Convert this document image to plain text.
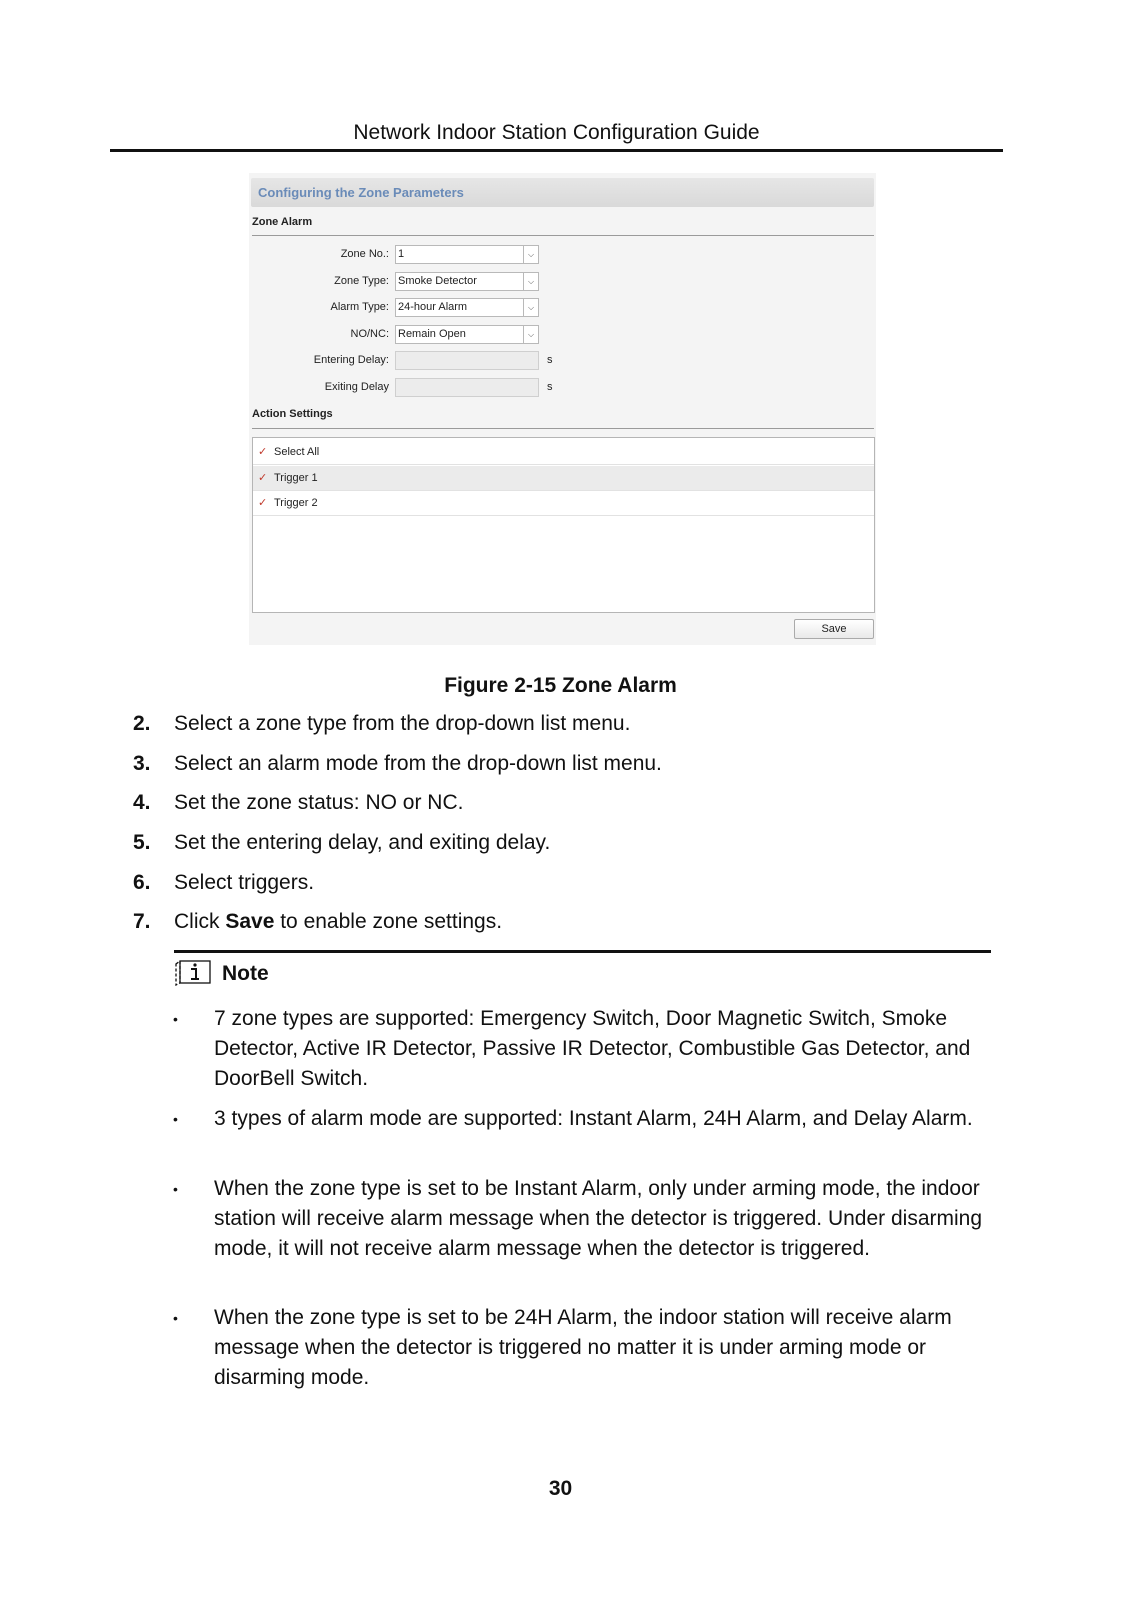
Network Indoor Station Configuration Guide
Configuring the Zone Parameters
Zone Alarm
Zone No.: 1	⌵
Zone Type: Smoke Detector	⌵
Alarm Type: 24-hour Alarm	⌵
NO/NC: Remain Open	⌵
Entering Delay:	s
Exiting Delay	s
Action Settings
✓ Select All
✓ Trigger 1
✓ Trigger 2
Save
Figure 2-15 Zone Alarm
2. Select a zone type from the drop-down list menu.
3. Select an alarm mode from the drop-down list menu.
4. Set the zone status: NO or NC.
5. Set the entering delay, and exiting delay.
6. Select triggers.
7. Click Save to enable zone settings.
Note
• 7 zone types are supported: Emergency Switch, Door Magnetic Switch, Smoke Detector, Active IR Detector, Passive IR Detector, Combustible Gas Detector, and DoorBell Switch.
• 3 types of alarm mode are supported: Instant Alarm, 24H Alarm, and Delay Alarm.
• When the zone type is set to be Instant Alarm, only under arming mode, the indoor station will receive alarm message when the detector is triggered. Under disarming mode, it will not receive alarm message when the detector is triggered.
• When the zone type is set to be 24H Alarm, the indoor station will receive alarm message when the detector is triggered no matter it is under arming mode or disarming mode.
30
